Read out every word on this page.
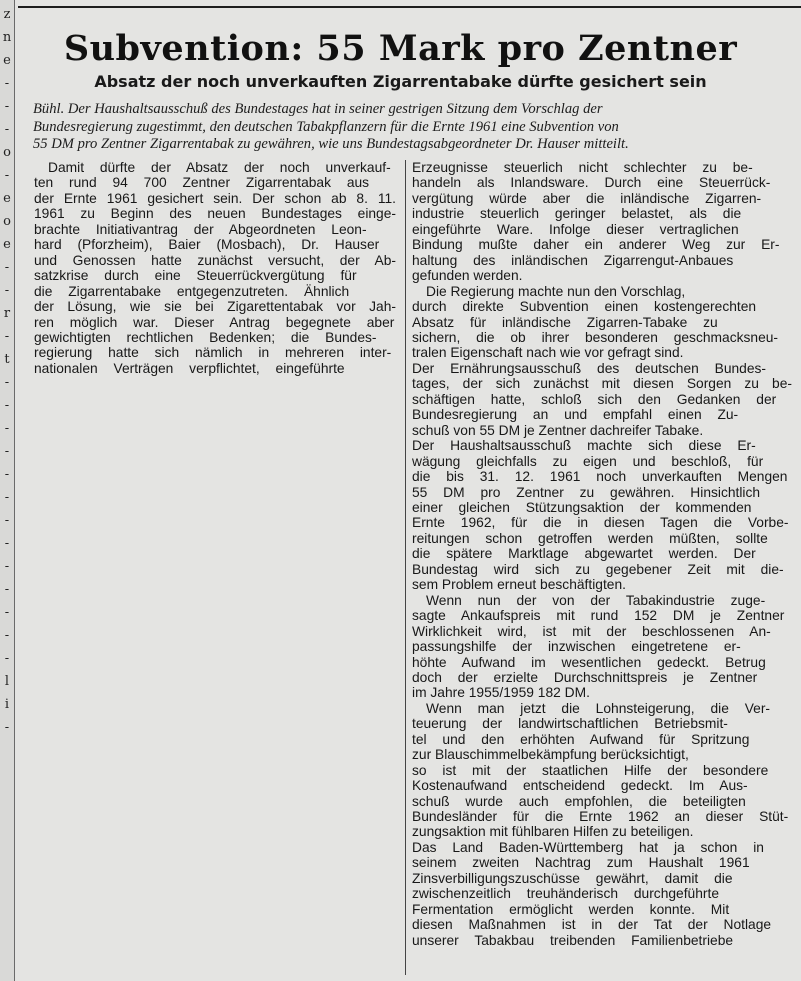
z
n
e
-
-
-
o
-
e
o
e
-
-
r
-
t
-
-
-
-
-
-
-
-
-
-
-
-
-
l
i
-
Subvention: 55 Mark pro Zentner
Absatz der noch unverkauften Zigarrentabake dürfte gesichert sein
Bühl. Der Haushaltsausschuß des Bundestages hat in seiner gestrigen Sitzung dem Vorschlag der
Bundesregierung zugestimmt, den deutschen Tabakpflanzern für die Ernte 1961 eine Subvention von
55 DM pro Zentner Zigarrentabak zu gewähren, wie uns Bundestagsabgeordneter Dr. Hauser mitteilt.
Damit dürfte der Absatz der noch unverkauf-
ten rund 94 700 Zentner Zigarrentabak aus
der Ernte 1961 gesichert sein. Der schon ab 8. 11.
1961 zu Beginn des neuen Bundestages einge-
brachte Initiativantrag der Abgeordneten Leon-
hard (Pforzheim), Baier (Mosbach), Dr. Hauser
und Genossen hatte zunächst versucht, der Ab-
satzkrise durch eine Steuerrückvergütung für
die Zigarrentabake entgegenzutreten. Ähnlich
der Lösung, wie sie bei Zigarettentabak vor Jah-
ren möglich war. Dieser Antrag begegnete aber
gewichtigten rechtlichen Bedenken; die Bundes-
regierung hatte sich nämlich in mehreren inter-
nationalen Verträgen verpflichtet, eingeführte
Erzeugnisse steuerlich nicht schlechter zu be-
handeln als Inlandsware. Durch eine Steuerrück-
vergütung würde aber die inländische Zigarren-
industrie steuerlich geringer belastet, als die
eingeführte Ware. Infolge dieser vertraglichen
Bindung mußte daher ein anderer Weg zur Er-
haltung des inländischen Zigarrengut-Anbaues
gefunden werden.
Die Regierung machte nun den Vorschlag,
durch direkte Subvention einen kostengerechten
Absatz für inländische Zigarren-Tabake zu
sichern, die ob ihrer besonderen geschmacksneu-
tralen Eigenschaft nach wie vor gefragt sind.
Der Ernährungsausschuß des deutschen Bundes-
tages, der sich zunächst mit diesen Sorgen zu be-
schäftigen hatte, schloß sich den Gedanken der
Bundesregierung an und empfahl einen Zu-
schuß von 55 DM je Zentner dachreifer Tabake.
Der Haushaltsausschuß machte sich diese Er-
wägung gleichfalls zu eigen und beschloß, für
die bis 31. 12. 1961 noch unverkauften Mengen
55 DM pro Zentner zu gewähren. Hinsichtlich
einer gleichen Stützungsaktion der kommenden
Ernte 1962, für die in diesen Tagen die Vorbe-
reitungen schon getroffen werden müßten, sollte
die spätere Marktlage abgewartet werden. Der
Bundestag wird sich zu gegebener Zeit mit die-
sem Problem erneut beschäftigten.
Wenn nun der von der Tabakindustrie zuge-
sagte Ankaufspreis mit rund 152 DM je Zentner
Wirklichkeit wird, ist mit der beschlossenen An-
passungshilfe der inzwischen eingetretene er-
höhte Aufwand im wesentlichen gedeckt. Betrug
doch der erzielte Durchschnittspreis je Zentner
im Jahre 1955/1959 182 DM.
Wenn man jetzt die Lohnsteigerung, die Ver-
teuerung der landwirtschaftlichen Betriebsmit-
tel und den erhöhten Aufwand für Spritzung
zur Blauschimmelbekämpfung berücksichtigt,
so ist mit der staatlichen Hilfe der besondere
Kostenaufwand entscheidend gedeckt. Im Aus-
schuß wurde auch empfohlen, die beteiligten
Bundesländer für die Ernte 1962 an dieser Stüt-
zungsaktion mit fühlbaren Hilfen zu beteiligen.
Das Land Baden-Württemberg hat ja schon in
seinem zweiten Nachtrag zum Haushalt 1961
Zinsverbilligungszuschüsse gewährt, damit die
zwischenzeitlich treuhänderisch durchgeführte
Fermentation ermöglicht werden konnte. Mit
diesen Maßnahmen ist in der Tat der Notlage
unserer Tabakbau treibenden Familienbetriebe
